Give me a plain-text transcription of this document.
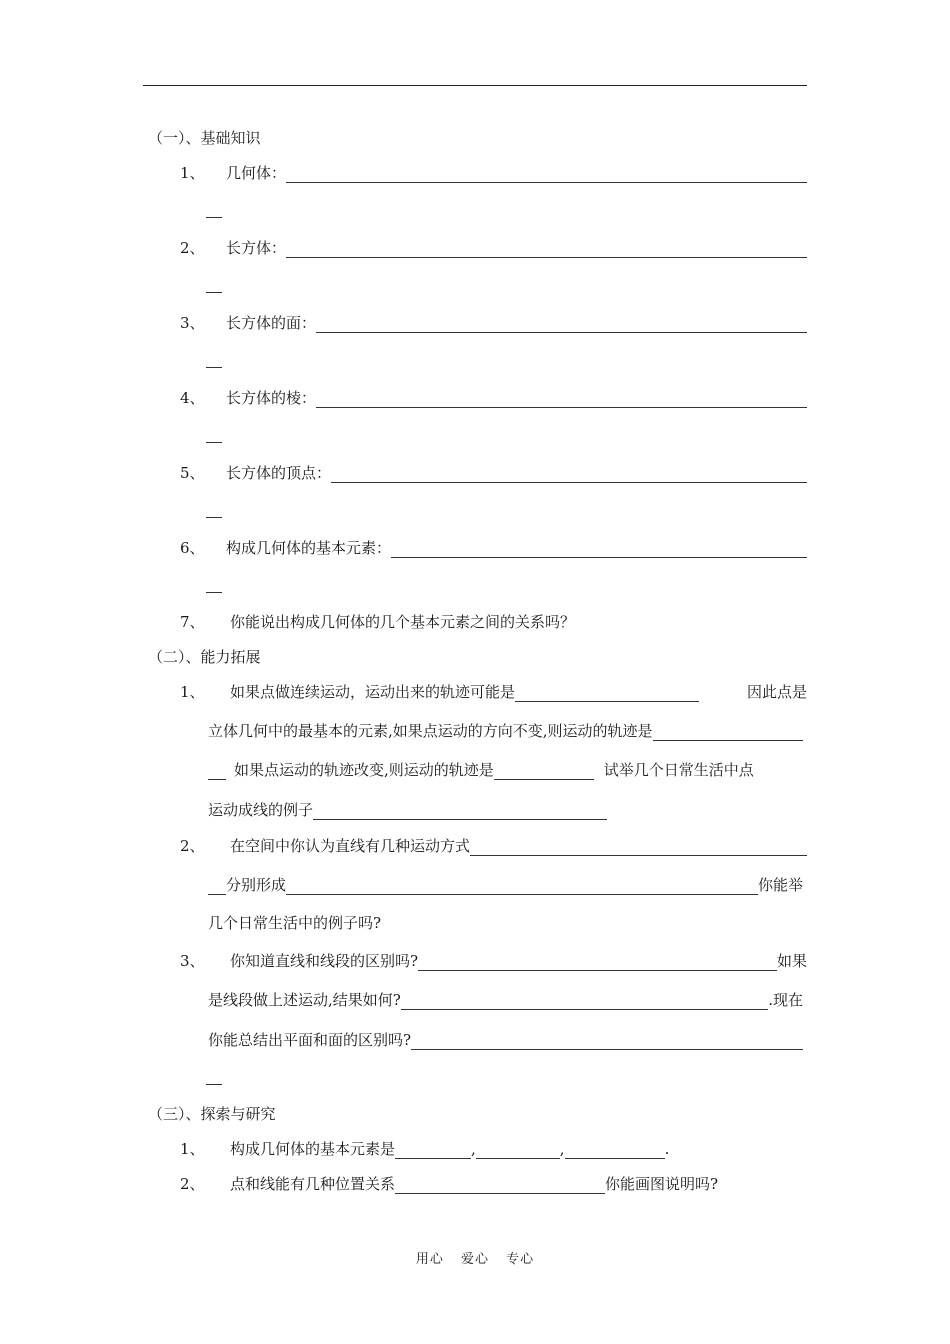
（一）、基础知识
1、 几何体：
2、 长方体：
3、 长方体的面：
4、 长方体的棱：
5、 长方体的顶点：
6、 构成几何体的基本元素：
7、 你能说出构成几何体的几个基本元素之间的关系吗？
（二）、能力拓展
1、 如果点做连续运动，运动出来的轨迹可能是	因此点是
立体几何中的最基本的元素,如果点运动的方向不变,则运动的轨迹是
如果点运动的轨迹改变,则运动的轨迹是	试举几个日常生活中点
运动成线的例子
2、 在空间中你认为直线有几种运动方式
分别形成	你能举
几个日常生活中的例子吗?
3、 你知道直线和线段的区别吗?	如果
是线段做上述运动,结果如何?	.现在
你能总结出平面和面的区别吗?
（三）、探索与研究
1、 构成几何体的基本元素是	,	,	.
2、 点和线能有几种位置关系	你能画图说明吗?
用心 爱心 专心
